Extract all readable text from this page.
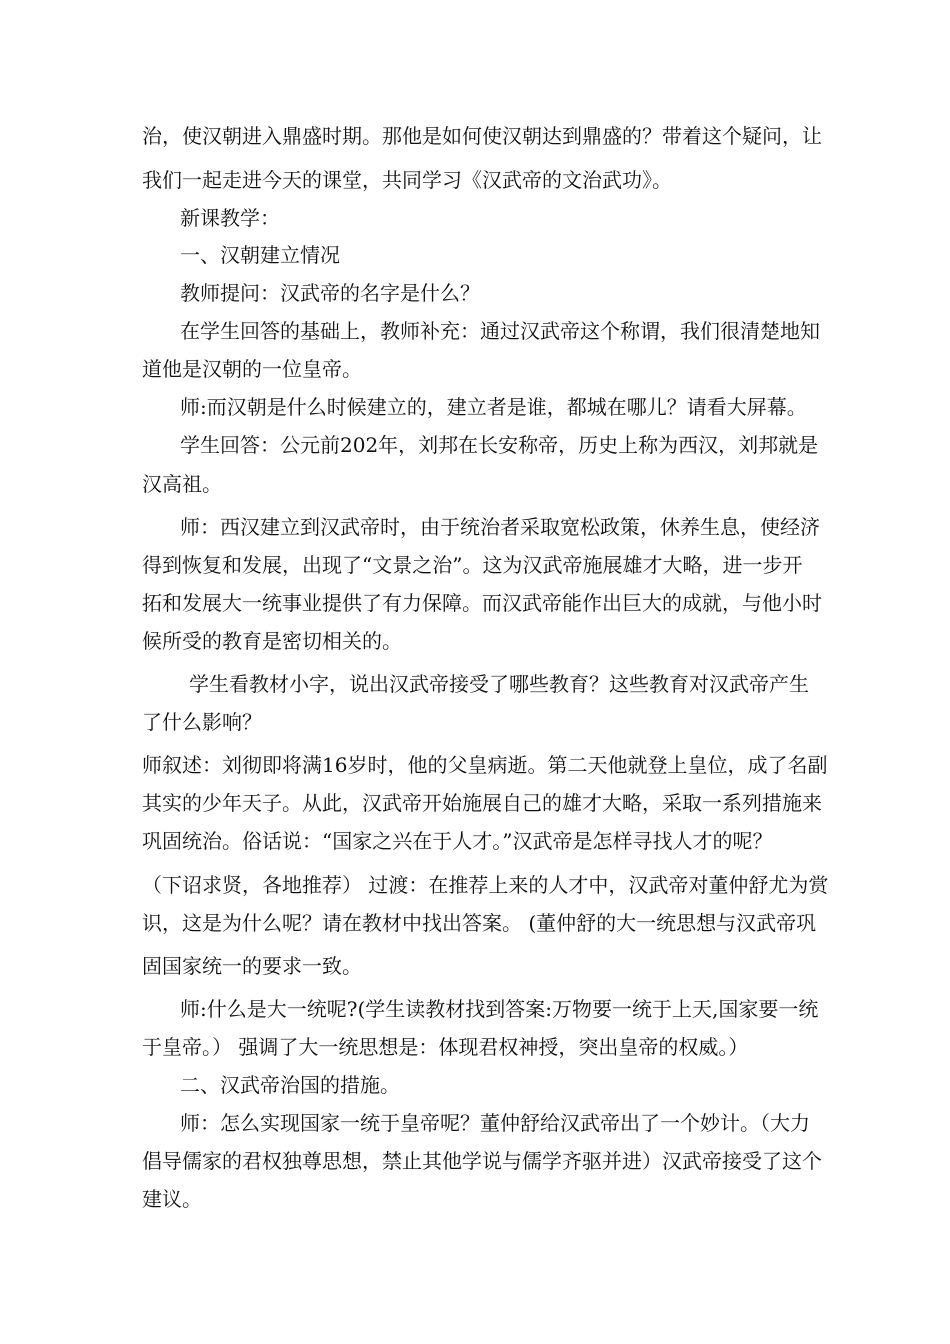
治，使汉朝进入鼎盛时期。那他是如何使汉朝达到鼎盛的？带着这个疑问，让
我们一起走进今天的课堂，共同学习《汉武帝的文治武功》。
新课教学：
一、汉朝建立情况
教师提问：汉武帝的名字是什么？
在学生回答的基础上，教师补充：通过汉武帝这个称谓，我们很清楚地知
道他是汉朝的一位皇帝。
师:而汉朝是什么时候建立的，建立者是谁，都城在哪儿？请看大屏幕。
学生回答：公元前202年，刘邦在长安称帝，历史上称为西汉，刘邦就是
汉高祖。
师：西汉建立到汉武帝时，由于统治者采取宽松政策，休养生息，使经济
得到恢复和发展，出现了“文景之治”。这为汉武帝施展雄才大略，进一步开
拓和发展大一统事业提供了有力保障。而汉武帝能作出巨大的成就，与他小时
候所受的教育是密切相关的。
学生看教材小字，说出汉武帝接受了哪些教育？这些教育对汉武帝产生
了什么影响？
师叙述：刘彻即将满16岁时，他的父皇病逝。第二天他就登上皇位，成了名副
其实的少年天子。从此，汉武帝开始施展自己的雄才大略，采取一系列措施来
巩固统治。俗话说：“国家之兴在于人才。”汉武帝是怎样寻找人才的呢？
（下诏求贤，各地推荐） 过渡：在推荐上来的人才中，汉武帝对董仲舒尤为赏
识，这是为什么呢？请在教材中找出答案。 (董仲舒的大一统思想与汉武帝巩
固国家统一的要求一致。
师:什么是大一统呢?(学生读教材找到答案:万物要一统于上天,国家要一统
于皇帝。） 强调了大一统思想是：体现君权神授，突出皇帝的权威。）
二、汉武帝治国的措施。
师：怎么实现国家一统于皇帝呢？董仲舒给汉武帝出了一个妙计。（大力
倡导儒家的君权独尊思想，禁止其他学说与儒学齐驱并进）汉武帝接受了这个
建议。
